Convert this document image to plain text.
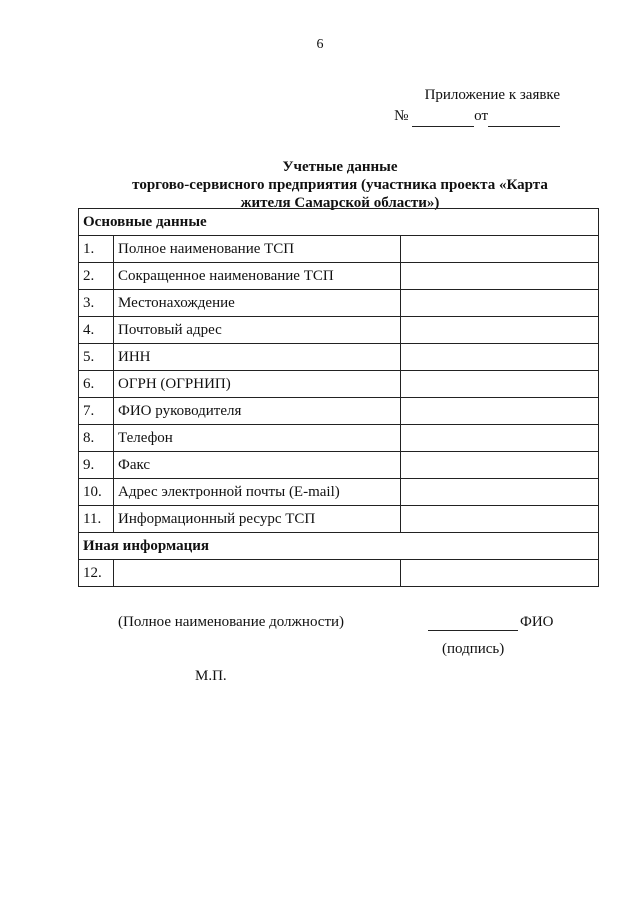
6
Приложение к заявке
№	от
Учетные данные
торгово-сервисного предприятия (участника проекта «Карта
жителя Самарской области»)
Основные данные		
1.	Полное наименование ТСП	
2.	Сокращенное наименование ТСП	
3.	Местонахождение	
4.	Почтовый адрес	
5.	ИНН	
6.	ОГРН (ОГРНИП)	
7.	ФИО руководителя	
8.	Телефон	
9.	Факс	
10.	Адрес электронной почты (E-mail)	
11.	Информационный ресурс ТСП	
Иная информация		
12.		
(Полное наименование должности)	ФИО
(подпись)
М.П.
